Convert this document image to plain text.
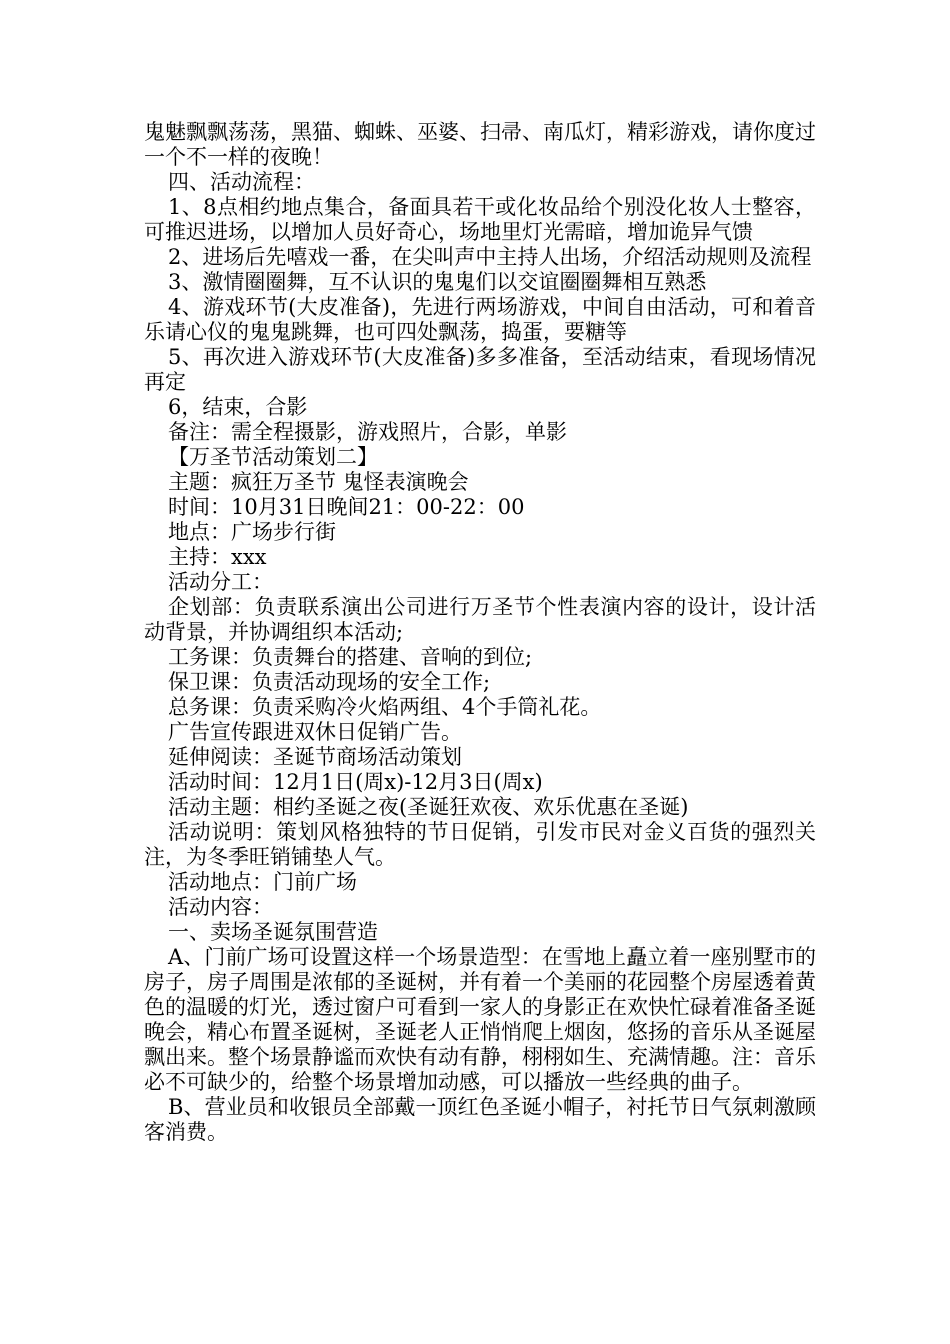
鬼魅飘飘荡荡，黑猫、蜘蛛、巫婆、扫帚、南瓜灯，精彩游戏，请你度过一个不一样的夜晚！

四、活动流程：

1、8点相约地点集合，备面具若干或化妆品给个别没化妆人士整容，可推迟进场，以增加人员好奇心，场地里灯光需暗，增加诡异气馈

2、进场后先嘻戏一番，在尖叫声中主持人出场，介绍活动规则及流程

3、激情圈圈舞，互不认识的鬼鬼们以交谊圈圈舞相互熟悉

4、游戏环节(大皮准备)，先进行两场游戏，中间自由活动，可和着音乐请心仪的鬼鬼跳舞，也可四处飘荡，捣蛋，要糖等

5、再次进入游戏环节(大皮准备)多多准备，至活动结束，看现场情况再定

6，结束，合影

备注：需全程摄影，游戏照片，合影，单影

【万圣节活动策划二】

主题：疯狂万圣节 鬼怪表演晚会

时间：10月31日晚间21：00-22：00

地点：广场步行街

主持：xxx

活动分工：

企划部：负责联系演出公司进行万圣节个性表演内容的设计，设计活动背景，并协调组织本活动;

工务课：负责舞台的搭建、音响的到位;

保卫课：负责活动现场的安全工作;

总务课：负责采购冷火焰两组、4个手筒礼花。

广告宣传跟进双休日促销广告。

延伸阅读：圣诞节商场活动策划

活动时间：12月1日(周x)-12月3日(周x)

活动主题：相约圣诞之夜(圣诞狂欢夜、欢乐优惠在圣诞)

活动说明：策划风格独特的节日促销，引发市民对金义百货的强烈关注，为冬季旺销铺垫人气。

活动地点：门前广场

活动内容：

一、卖场圣诞氛围营造

A、门前广场可设置这样一个场景造型：在雪地上矗立着一座别墅市的房子，房子周围是浓郁的圣诞树，并有着一个美丽的花园整个房屋透着黄色的温暖的灯光，透过窗户可看到一家人的身影正在欢快忙碌着准备圣诞晚会，精心布置圣诞树，圣诞老人正悄悄爬上烟囱，悠扬的音乐从圣诞屋飘出来。整个场景静谧而欢快有动有静，栩栩如生、充满情趣。注：音乐必不可缺少的，给整个场景增加动感，可以播放一些经典的曲子。

B、营业员和收银员全部戴一顶红色圣诞小帽子，衬托节日气氛刺激顾客消费。
